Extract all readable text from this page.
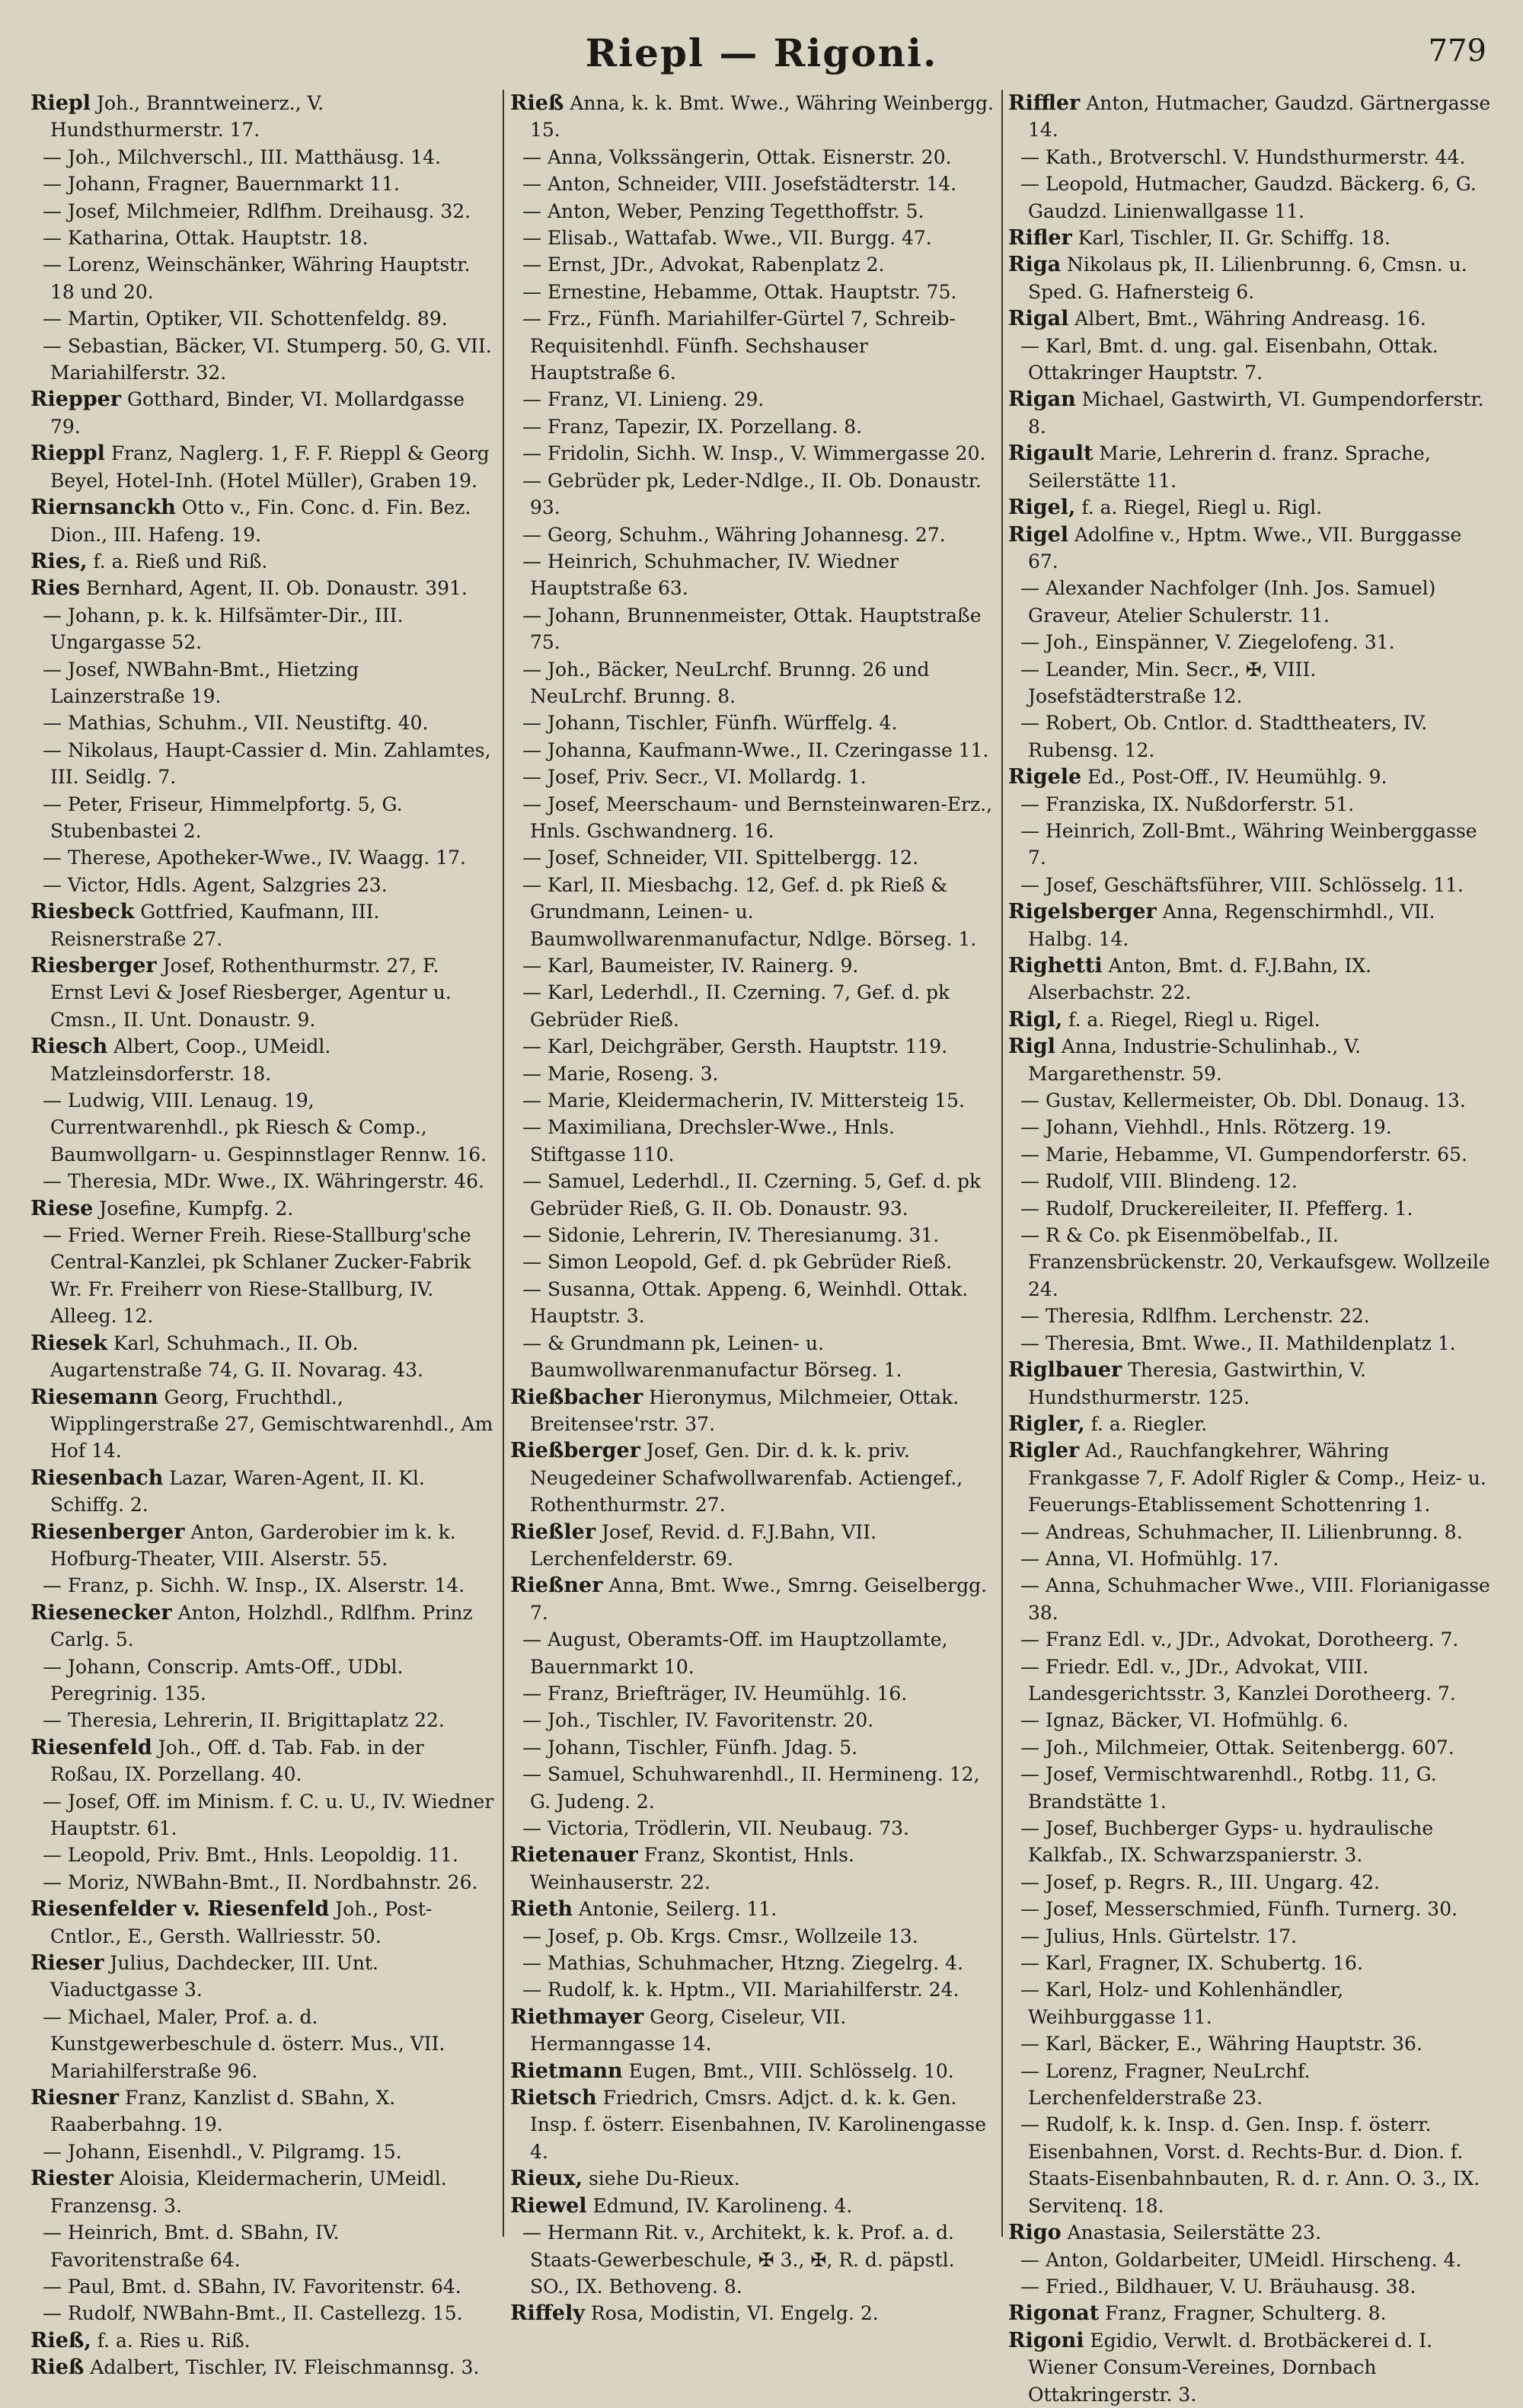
Riepl — Rigoni.	779

Riepl Joh., Branntweinerz., V. Hundsthurmerstr. 17.

— Joh., Milchverschl., III. Matthäusg. 14.

— Johann, Fragner, Bauernmarkt 11.

— Josef, Milchmeier, Rdlfhm. Dreihausg. 32.

— Katharina, Ottak. Hauptstr. 18.

— Lorenz, Weinschänker, Währing Hauptstr. 18 und 20.

— Martin, Optiker, VII. Schottenfeldg. 89.

— Sebastian, Bäcker, VI. Stumperg. 50, G. VII. Mariahilferstr. 32.

Riepper Gotthard, Binder, VI. Mollardgasse 79.

Rieppl Franz, Naglerg. 1, F. F. Rieppl & Georg Beyel, Hotel-Inh. (Hotel Müller), Graben 19.

Riernsanckh Otto v., Fin. Conc. d. Fin. Bez. Dion., III. Hafeng. 19.

Ries, f. a. Rieß und Riß.

Ries Bernhard, Agent, II. Ob. Donaustr. 391.

— Johann, p. k. k. Hilfsämter-Dir., III. Ungargasse 52.

— Josef, NWBahn-Bmt., Hietzing Lainzerstraße 19.

— Mathias, Schuhm., VII. Neustiftg. 40.

— Nikolaus, Haupt-Cassier d. Min. Zahlamtes, III. Seidlg. 7.

— Peter, Friseur, Himmelpfortg. 5, G. Stubenbastei 2.

— Therese, Apotheker-Wwe., IV. Waagg. 17.

— Victor, Hdls. Agent, Salzgries 23.

Riesbeck Gottfried, Kaufmann, III. Reisnerstraße 27.

Riesberger Josef, Rothenthurmstr. 27, F. Ernst Levi & Josef Riesberger, Agentur u. Cmsn., II. Unt. Donaustr. 9.

Riesch Albert, Coop., UMeidl. Matzleinsdorferstr. 18.

— Ludwig, VIII. Lenaug. 19, Currentwarenhdl., pk Riesch & Comp., Baumwollgarn- u. Gespinnstlager Rennw. 16.

— Theresia, MDr. Wwe., IX. Währingerstr. 46.

Riese Josefine, Kumpfg. 2.

— Fried. Werner Freih. Riese-Stallburg'sche Central-Kanzlei, pk Schlaner Zucker-Fabrik Wr. Fr. Freiherr von Riese-Stallburg, IV. Alleeg. 12.

Riesek Karl, Schuhmach., II. Ob. Augartenstraße 74, G. II. Novarag. 43.

Riesemann Georg, Fruchthdl., Wipplingerstraße 27, Gemischtwarenhdl., Am Hof 14.

Riesenbach Lazar, Waren-Agent, II. Kl. Schiffg. 2.

Riesenberger Anton, Garderobier im k. k. Hofburg-Theater, VIII. Alserstr. 55.

— Franz, p. Sichh. W. Insp., IX. Alserstr. 14.

Riesenecker Anton, Holzhdl., Rdlfhm. Prinz Carlg. 5.

— Johann, Conscrip. Amts-Off., UDbl. Peregrinig. 135.

— Theresia, Lehrerin, II. Brigittaplatz 22.

Riesenfeld Joh., Off. d. Tab. Fab. in der Roßau, IX. Porzellang. 40.

— Josef, Off. im Minism. f. C. u. U., IV. Wiedner Hauptstr. 61.

— Leopold, Priv. Bmt., Hnls. Leopoldig. 11.

— Moriz, NWBahn-Bmt., II. Nordbahnstr. 26.

Riesenfelder v. Riesenfeld Joh., Post-Cntlor., E., Gersth. Wallriesstr. 50.

Rieser Julius, Dachdecker, III. Unt. Viaductgasse 3.

— Michael, Maler, Prof. a. d. Kunstgewerbeschule d. österr. Mus., VII. Mariahilferstraße 96.

Riesner Franz, Kanzlist d. SBahn, X. Raaberbahng. 19.

— Johann, Eisenhdl., V. Pilgramg. 15.

Riester Aloisia, Kleidermacherin, UMeidl. Franzensg. 3.

— Heinrich, Bmt. d. SBahn, IV. Favoritenstraße 64.

— Paul, Bmt. d. SBahn, IV. Favoritenstr. 64.

— Rudolf, NWBahn-Bmt., II. Castellezg. 15.

Rieß, f. a. Ries u. Riß.

Rieß Adalbert, Tischler, IV. Fleischmannsg. 3.

Rieß Anna, k. k. Bmt. Wwe., Währing Weinbergg. 15.

— Anna, Volkssängerin, Ottak. Eisnerstr. 20.

— Anton, Schneider, VIII. Josefstädterstr. 14.

— Anton, Weber, Penzing Tegetthoffstr. 5.

— Elisab., Wattafab. Wwe., VII. Burgg. 47.

— Ernst, JDr., Advokat, Rabenplatz 2.

— Ernestine, Hebamme, Ottak. Hauptstr. 75.

— Frz., Fünfh. Mariahilfer-Gürtel 7, Schreib-Requisitenhdl. Fünfh. Sechshauser Hauptstraße 6.

— Franz, VI. Linieng. 29.

— Franz, Tapezir, IX. Porzellang. 8.

— Fridolin, Sichh. W. Insp., V. Wimmergasse 20.

— Gebrüder pk, Leder-Ndlge., II. Ob. Donaustr. 93.

— Georg, Schuhm., Währing Johannesg. 27.

— Heinrich, Schuhmacher, IV. Wiedner Hauptstraße 63.

— Johann, Brunnenmeister, Ottak. Hauptstraße 75.

— Joh., Bäcker, NeuLrchf. Brunng. 26 und NeuLrchf. Brunng. 8.

— Johann, Tischler, Fünfh. Würffelg. 4.

— Johanna, Kaufmann-Wwe., II. Czeringasse 11.

— Josef, Priv. Secr., VI. Mollardg. 1.

— Josef, Meerschaum- und Bernsteinwaren-Erz., Hnls. Gschwandnerg. 16.

— Josef, Schneider, VII. Spittelbergg. 12.

— Karl, II. Miesbachg. 12, Gef. d. pk Rieß & Grundmann, Leinen- u. Baumwollwarenmanufactur, Ndlge. Börseg. 1.

— Karl, Baumeister, IV. Rainerg. 9.

— Karl, Lederhdl., II. Czerning. 7, Gef. d. pk Gebrüder Rieß.

— Karl, Deichgräber, Gersth. Hauptstr. 119.

— Marie, Roseng. 3.

— Marie, Kleidermacherin, IV. Mittersteig 15.

— Maximiliana, Drechsler-Wwe., Hnls. Stiftgasse 110.

— Samuel, Lederhdl., II. Czerning. 5, Gef. d. pk Gebrüder Rieß, G. II. Ob. Donaustr. 93.

— Sidonie, Lehrerin, IV. Theresianumg. 31.

— Simon Leopold, Gef. d. pk Gebrüder Rieß.

— Susanna, Ottak. Appeng. 6, Weinhdl. Ottak. Hauptstr. 3.

— & Grundmann pk, Leinen- u. Baumwollwarenmanufactur Börseg. 1.

Rießbacher Hieronymus, Milchmeier, Ottak. Breitensee'rstr. 37.

Rießberger Josef, Gen. Dir. d. k. k. priv. Neugedeiner Schafwollwarenfab. Actiengef., Rothenthurmstr. 27.

Rießler Josef, Revid. d. F.J.Bahn, VII. Lerchenfelderstr. 69.

Rießner Anna, Bmt. Wwe., Smrng. Geiselbergg. 7.

— August, Oberamts-Off. im Hauptzollamte, Bauernmarkt 10.

— Franz, Briefträger, IV. Heumühlg. 16.

— Joh., Tischler, IV. Favoritenstr. 20.

— Johann, Tischler, Fünfh. Jdag. 5.

— Samuel, Schuhwarenhdl., II. Hermineng. 12, G. Judeng. 2.

— Victoria, Trödlerin, VII. Neubaug. 73.

Rietenauer Franz, Skontist, Hnls. Weinhauserstr. 22.

Rieth Antonie, Seilerg. 11.

— Josef, p. Ob. Krgs. Cmsr., Wollzeile 13.

— Mathias, Schuhmacher, Htzng. Ziegelrg. 4.

— Rudolf, k. k. Hptm., VII. Mariahilferstr. 24.

Riethmayer Georg, Ciseleur, VII. Hermanngasse 14.

Rietmann Eugen, Bmt., VIII. Schlösselg. 10.

Rietsch Friedrich, Cmsrs. Adjct. d. k. k. Gen. Insp. f. österr. Eisenbahnen, IV. Karolinengasse 4.

Rieux, siehe Du-Rieux.

Riewel Edmund, IV. Karolineng. 4.

— Hermann Rit. v., Architekt, k. k. Prof. a. d. Staats-Gewerbeschule, ✠ 3., ✠, R. d. päpstl. SO., IX. Bethoveng. 8.

Riffely Rosa, Modistin, VI. Engelg. 2.

Riffler Anton, Hutmacher, Gaudzd. Gärtnergasse 14.

— Kath., Brotverschl. V. Hundsthurmerstr. 44.

— Leopold, Hutmacher, Gaudzd. Bäckerg. 6, G. Gaudzd. Linienwallgasse 11.

Rifler Karl, Tischler, II. Gr. Schiffg. 18.

Riga Nikolaus pk, II. Lilienbrunng. 6, Cmsn. u. Sped. G. Hafnersteig 6.

Rigal Albert, Bmt., Währing Andreasg. 16.

— Karl, Bmt. d. ung. gal. Eisenbahn, Ottak. Ottakringer Hauptstr. 7.

Rigan Michael, Gastwirth, VI. Gumpendorferstr. 8.

Rigault Marie, Lehrerin d. franz. Sprache, Seilerstätte 11.

Rigel, f. a. Riegel, Riegl u. Rigl.

Rigel Adolfine v., Hptm. Wwe., VII. Burggasse 67.

— Alexander Nachfolger (Inh. Jos. Samuel) Graveur, Atelier Schulerstr. 11.

— Joh., Einspänner, V. Ziegelofeng. 31.

— Leander, Min. Secr., ✠, VIII. Josefstädterstraße 12.

— Robert, Ob. Cntlor. d. Stadttheaters, IV. Rubensg. 12.

Rigele Ed., Post-Off., IV. Heumühlg. 9.

— Franziska, IX. Nußdorferstr. 51.

— Heinrich, Zoll-Bmt., Währing Weinberggasse 7.

— Josef, Geschäftsführer, VIII. Schlösselg. 11.

Rigelsberger Anna, Regenschirmhdl., VII. Halbg. 14.

Righetti Anton, Bmt. d. F.J.Bahn, IX. Alserbachstr. 22.

Rigl, f. a. Riegel, Riegl u. Rigel.

Rigl Anna, Industrie-Schulinhab., V. Margarethenstr. 59.

— Gustav, Kellermeister, Ob. Dbl. Donaug. 13.

— Johann, Viehhdl., Hnls. Rötzerg. 19.

— Marie, Hebamme, VI. Gumpendorferstr. 65.

— Rudolf, VIII. Blindeng. 12.

— Rudolf, Druckereileiter, II. Pfefferg. 1.

— R & Co. pk Eisenmöbelfab., II. Franzensbrückenstr. 20, Verkaufsgew. Wollzeile 24.

— Theresia, Rdlfhm. Lerchenstr. 22.

— Theresia, Bmt. Wwe., II. Mathildenplatz 1.

Riglbauer Theresia, Gastwirthin, V. Hundsthurmerstr. 125.

Rigler, f. a. Riegler.

Rigler Ad., Rauchfangkehrer, Währing Frankgasse 7, F. Adolf Rigler & Comp., Heiz- u. Feuerungs-Etablissement Schottenring 1.

— Andreas, Schuhmacher, II. Lilienbrunng. 8.

— Anna, VI. Hofmühlg. 17.

— Anna, Schuhmacher Wwe., VIII. Florianigasse 38.

— Franz Edl. v., JDr., Advokat, Dorotheerg. 7.

— Friedr. Edl. v., JDr., Advokat, VIII. Landesgerichtsstr. 3, Kanzlei Dorotheerg. 7.

— Ignaz, Bäcker, VI. Hofmühlg. 6.

— Joh., Milchmeier, Ottak. Seitenbergg. 607.

— Josef, Vermischtwarenhdl., Rotbg. 11, G. Brandstätte 1.

— Josef, Buchberger Gyps- u. hydraulische Kalkfab., IX. Schwarzspanierstr. 3.

— Josef, p. Regrs. R., III. Ungarg. 42.

— Josef, Messerschmied, Fünfh. Turnerg. 30.

— Julius, Hnls. Gürtelstr. 17.

— Karl, Fragner, IX. Schubertg. 16.

— Karl, Holz- und Kohlenhändler, Weihburggasse 11.

— Karl, Bäcker, E., Währing Hauptstr. 36.

— Lorenz, Fragner, NeuLrchf. Lerchenfelderstraße 23.

— Rudolf, k. k. Insp. d. Gen. Insp. f. österr. Eisenbahnen, Vorst. d. Rechts-Bur. d. Dion. f. Staats-Eisenbahnbauten, R. d. r. Ann. O. 3., IX. Servitenq. 18.

Rigo Anastasia, Seilerstätte 23.

— Anton, Goldarbeiter, UMeidl. Hirscheng. 4.

— Fried., Bildhauer, V. U. Bräuhausg. 38.

Rigonat Franz, Fragner, Schulterg. 8.

Rigoni Egidio, Verwlt. d. Brotbäckerei d. I. Wiener Consum-Vereines, Dornbach Ottakringerstr. 3.
